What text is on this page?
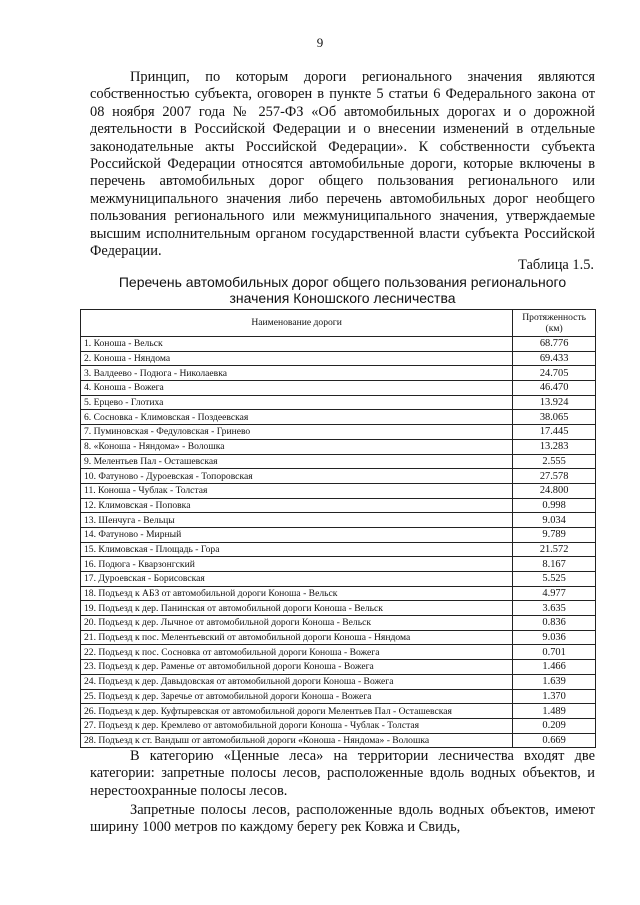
9

Принцип, по которым дороги регионального значения являются собственностью субъекта, оговорен в пункте 5 статьи 6 Федерального закона от 08 ноября 2007 года № 257-ФЗ «Об автомобильных дорогах и о дорожной деятельности в Российской Федерации и о внесении изменений в отдельные законодательные акты Российской Федерации». К собственности субъекта Российской Федерации относятся автомобильные дороги, которые включены в перечень автомобильных дорог общего пользования регионального или межмуниципального значения либо перечень автомобильных дорог необщего пользования регионального или межмуниципального значения, утверждаемые высшим исполнительным органом государственной власти субъекта Российской Федерации.

Таблица 1.5.
Перечень автомобильных дорог общего пользования регионального
значения Коношского лесничества
Наименование дороги	Протяженность (км)
1. Коноша - Вельск	68.776
2. Коноша - Няндома	69.433
3. Валдеево - Подюга - Николаевка	24.705
4. Коноша - Вожега	46.470
5. Ерцево - Глотиха	13.924
6. Сосновка - Климовская - Поздеевская	38.065
7. Пуминовская - Федуловская - Гринево	17.445
8. «Коноша - Няндома» - Волошка	13.283
9. Мелентьев Пал - Осташевская	2.555
10. Фатуново - Дуроевская - Топоровская	27.578
11. Коноша - Чублак - Толстая	24.800
12. Климовская - Поповка	0.998
13. Шенчуга - Вельцы	9.034
14. Фатуново - Мирный	9.789
15. Климовская - Площадь - Гора	21.572
16. Подюга - Кварзонгский	8.167
17. Дуроевская - Борисовская	5.525
18. Подъезд к АБЗ от автомобильной дороги Коноша - Вельск	4.977
19. Подъезд к дер. Панинская от автомобильной дороги Коноша - Вельск	3.635
20. Подъезд к дер. Лычное от автомобильной дороги Коноша - Вельск	0.836
21. Подъезд к пос. Мелентьевский от автомобильной дороги Коноша - Няндома	9.036
22. Подъезд к пос. Сосновка от автомобильной дороги Коноша - Вожега	0.701
23. Подъезд к дер. Раменье от автомобильной дороги Коноша - Вожега	1.466
24. Подъезд к дер. Давыдовская от автомобильной дороги Коноша - Вожега	1.639
25. Подъезд к дер. Заречье от автомобильной дороги Коноша - Вожега	1.370
26. Подъезд к дер. Куфтыревская от автомобильной дороги Мелентьев Пал - Осташевская	1.489
27. Подъезд к дер. Кремлево от автомобильной дороги Коноша - Чублак - Толстая	0.209
28. Подъезд к ст. Вандыш от автомобильной дороги «Коноша - Няндома» - Волошка	0.669

В категорию «Ценные леса» на территории лесничества входят две категории: запретные полосы лесов, расположенные вдоль водных объектов, и нерестоохранные полосы лесов.

Запретные полосы лесов, расположенные вдоль водных объектов, имеют ширину 1000 метров по каждому берегу рек Ковжа и Свидь,
